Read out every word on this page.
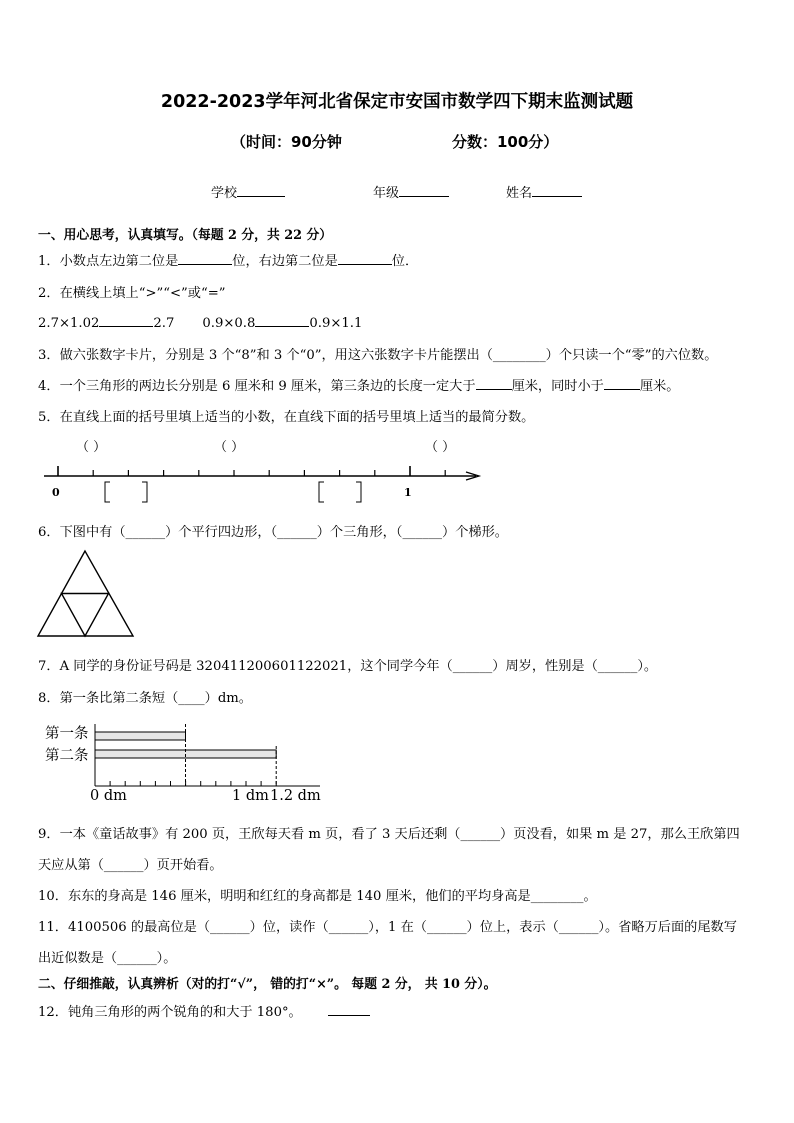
2022-2023学年河北省保定市安国市数学四下期末监测试题
（时间：90分钟	分数：100分）
学校	年级	姓名
一、用心思考，认真填写。（每题 2 分，共 22 分）
1．小数点左边第二位是	位，右边第二位是	位．
2．在横线上填上“>”“<”或“=”
2.7×1.02	2.7 0.9×0.8	0.9×1.1
3．做六张数字卡片，分别是 3 个“8”和 3 个“0”，用这六张数字卡片能摆出（________）个只读一个“零”的六位数。
4．一个三角形的两边长分别是 6 厘米和 9 厘米，第三条边的长度一定大于	厘米，同时小于	厘米。
5．在直线上面的括号里填上适当的小数，在直线下面的括号里填上适当的最简分数。
（ ）	（ ）	（ ）
0	1
6．下图中有（______）个平行四边形，（______）个三角形，（______）个梯形。
7．A 同学的身份证号码是 320411200601122021，这个同学今年（______）周岁，性别是（______）。
8．第一条比第二条短（____）dm。
第一条
第二条
0 dm	1 dm 1.2 dm
9．一本《童话故事》有 200 页，王欣每天看 m 页，看了 3 天后还剩（______）页没看，如果 m 是 27，那么王欣第四
天应从第（______）页开始看。
10．东东的身高是 146 厘米，明明和红红的身高都是 140 厘米，他们的平均身高是________。
11．4100506 的最高位是（______）位，读作（______），1 在（______）位上，表示（______）。省略万后面的尾数写
出近似数是（______）。
二、仔细推敲，认真辨析（对的打“√”， 错的打“×”。 每题 2 分， 共 10 分）。
12．钝角三角形的两个锐角的和大于 180°。
